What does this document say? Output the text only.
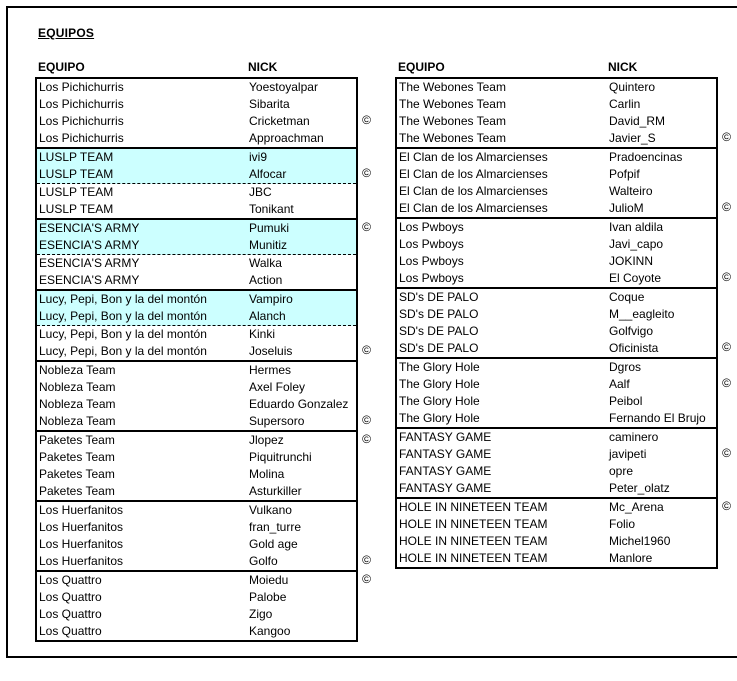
EQUIPOS
EQUIPO	NICK	EQUIPO	NICK
Los Pichichurris	Yoestoyalpar
Los Pichichurris	Sibarita
Los Pichichurris	Cricketman	©
Los Pichichurris	Approachman
LUSLP TEAM	ivi9
LUSLP TEAM	Alfocar	©
LUSLP TEAM	JBC
LUSLP TEAM	Tonikant
ESENCIA'S ARMY	Pumuki	©
ESENCIA'S ARMY	Munitiz
ESENCIA'S ARMY	Walka
ESENCIA'S ARMY	Action
Lucy, Pepi, Bon y la del montón	Vampiro
Lucy, Pepi, Bon y la del montón	Alanch
Lucy, Pepi, Bon y la del montón	Kinki
Lucy, Pepi, Bon y la del montón	Joseluis	©
Nobleza Team	Hermes
Nobleza Team	Axel Foley
Nobleza Team	Eduardo Gonzalez
Nobleza Team	Supersoro	©
Paketes Team	Jlopez	©
Paketes Team	Piquitrunchi
Paketes Team	Molina
Paketes Team	Asturkiller
Los Huerfanitos	Vulkano
Los Huerfanitos	fran_turre
Los Huerfanitos	Gold age
Los Huerfanitos	Golfo	©
Los Quattro	Moiedu	©
Los Quattro	Palobe
Los Quattro	Zigo
Los Quattro	Kangoo
The Webones Team	Quintero
The Webones Team	Carlin
The Webones Team	David_RM
The Webones Team	Javier_S	©
El Clan de los Almarcienses	Pradoencinas
El Clan de los Almarcienses	Pofpif
El Clan de los Almarcienses	Walteiro
El Clan de los Almarcienses	JulioM	©
Los Pwboys	Ivan aldila
Los Pwboys	Javi_capo
Los Pwboys	JOKINN
Los Pwboys	El Coyote	©
SD's DE PALO	Coque
SD's DE PALO	M__eagleito
SD's DE PALO	Golfvigo
SD's DE PALO	Oficinista	©
The Glory Hole	Dgros
The Glory Hole	Aalf	©
The Glory Hole	Peibol
The Glory Hole	Fernando El Brujo
FANTASY GAME	caminero
FANTASY GAME	javipeti	©
FANTASY GAME	opre
FANTASY GAME	Peter_olatz
HOLE IN NINETEEN TEAM	Mc_Arena	©
HOLE IN NINETEEN TEAM	Folio
HOLE IN NINETEEN TEAM	Michel1960
HOLE IN NINETEEN TEAM	Manlore
